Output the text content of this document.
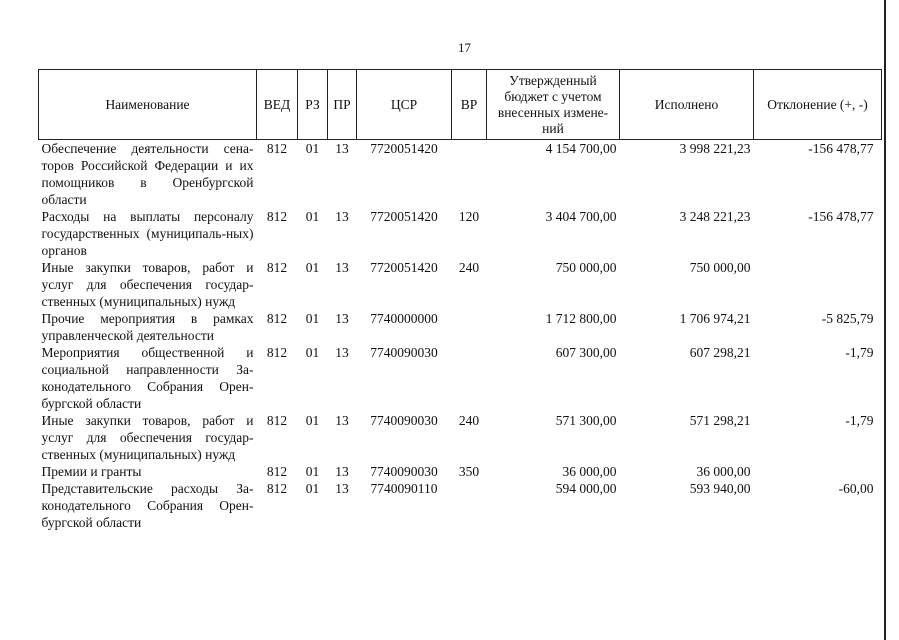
17
Наименование	ВЕД	РЗ	ПР	ЦСР	ВР	Утвержденный бюджет с учетом внесенных измене-ний	Исполнено	Отклонение (+, -)
Обеспечение деятельности сена-торов Российской Федерации и их помощников в Оренбургской области	812	01	13	7720051420		4 154 700,00	3 998 221,23	-156 478,77
Расходы на выплаты персоналу государственных (муниципаль-ных) органов	812	01	13	7720051420	120	3 404 700,00	3 248 221,23	-156 478,77
Иные закупки товаров, работ и услуг для обеспечения государ-ственных (муниципальных) нужд	812	01	13	7720051420	240	750 000,00	750 000,00	
Прочие мероприятия в рамках управленческой деятельности	812	01	13	7740000000		1 712 800,00	1 706 974,21	-5 825,79
Мероприятия общественной и социальной направленности За-конодательного Собрания Орен-бургской области	812	01	13	7740090030		607 300,00	607 298,21	-1,79
Иные закупки товаров, работ и услуг для обеспечения государ-ственных (муниципальных) нужд	812	01	13	7740090030	240	571 300,00	571 298,21	-1,79
Премии и гранты	812	01	13	7740090030	350	36 000,00	36 000,00	
Представительские расходы За-конодательного Собрания Орен-бургской области	812	01	13	7740090110		594 000,00	593 940,00	-60,00
